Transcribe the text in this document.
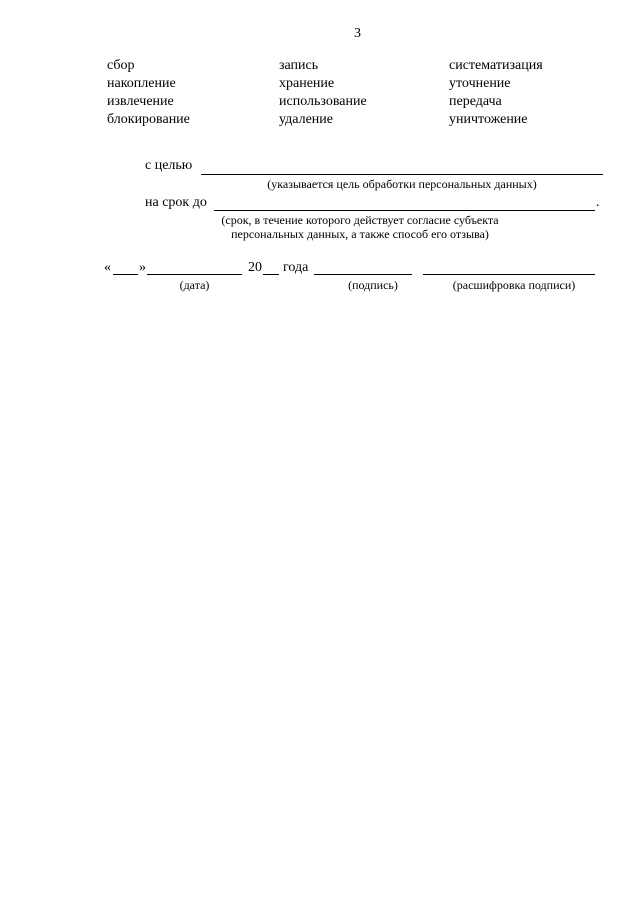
3
сбор	запись	систематизация
накопление	хранение	уточнение
извлечение	использование	передача
блокирование	удаление	уничтожение
с целью
(указывается цель обработки персональных данных)
на срок до	.
(срок, в течение которого действует согласие субъекта
персональных данных, а также способ его отзыва)
« »	20 года
(дата)	(подпись)	(расшифровка подписи)
